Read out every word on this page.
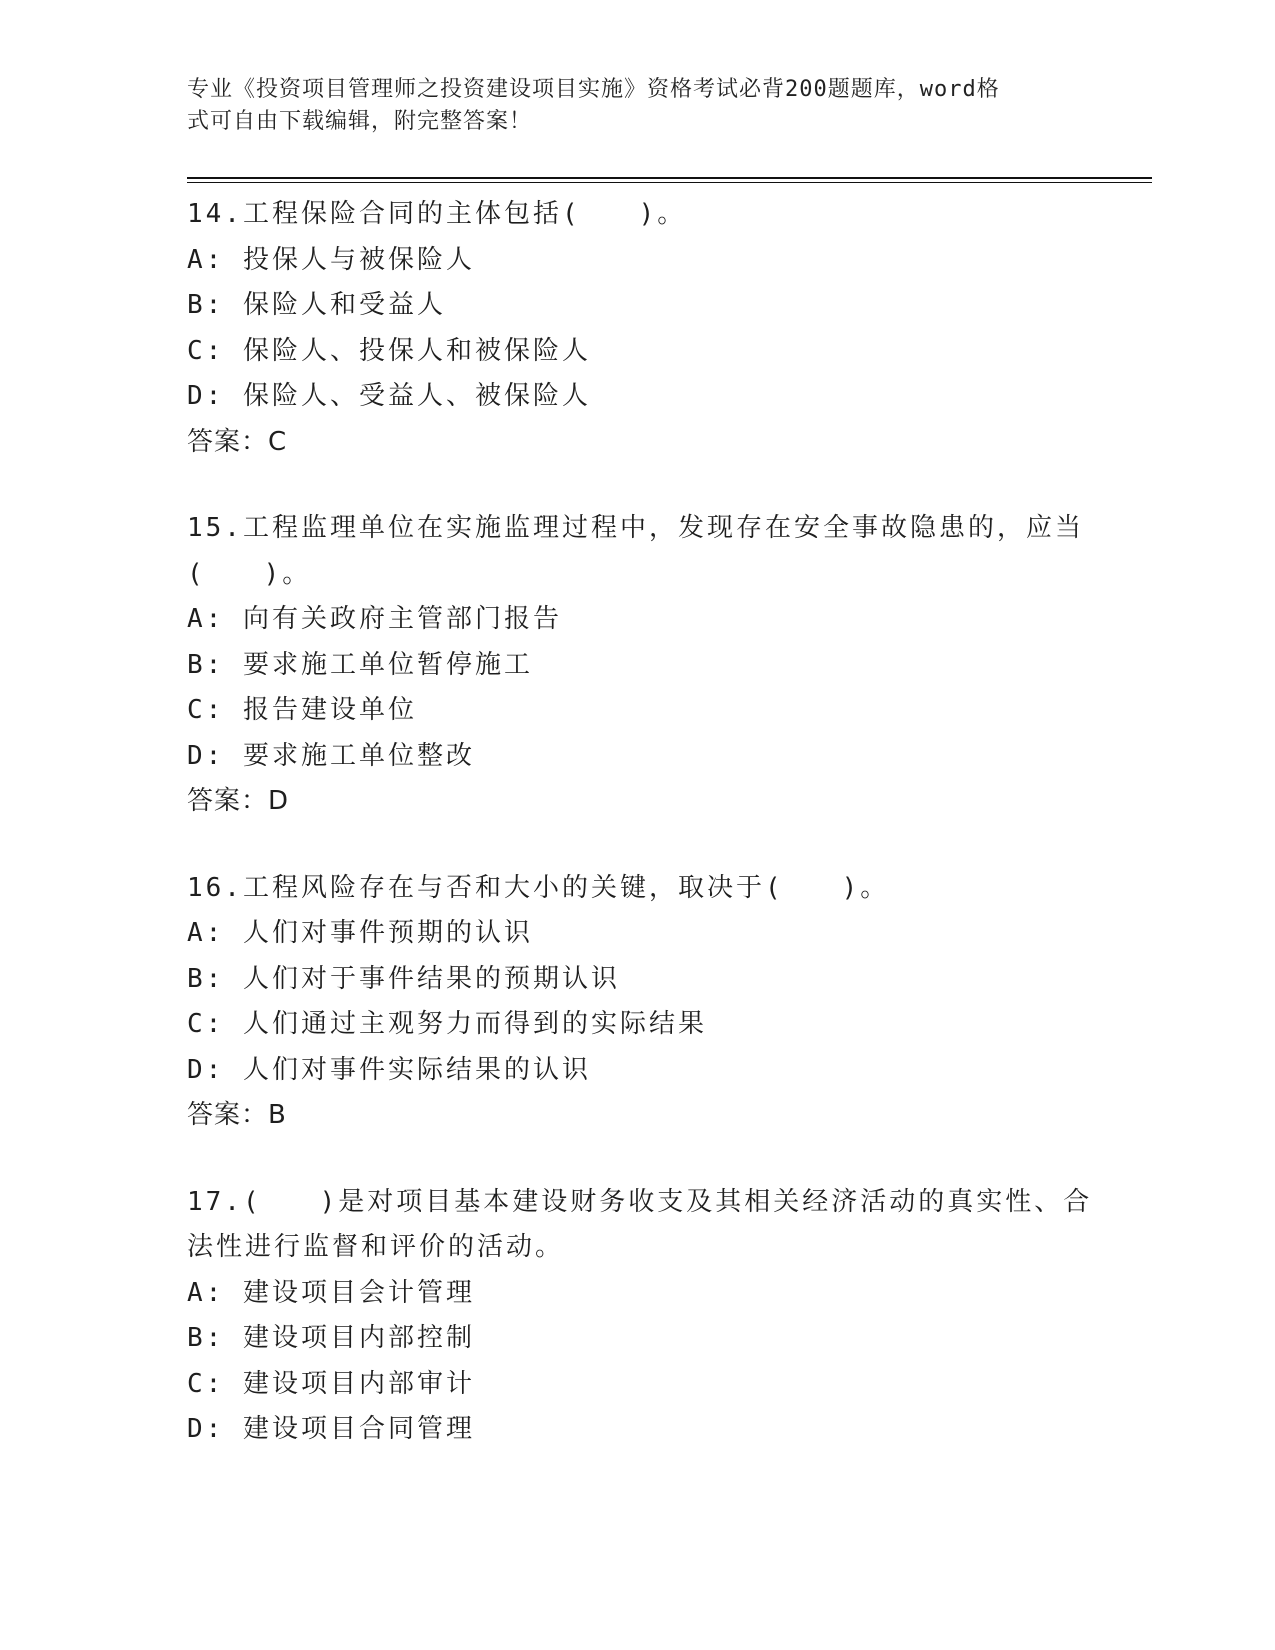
专业《投资项目管理师之投资建设项目实施》资格考试必背200题题库，word格
式可自由下载编辑，附完整答案！
14.工程保险合同的主体包括(　　)。
A: 投保人与被保险人
B: 保险人和受益人
C: 保险人、投保人和被保险人
D: 保险人、受益人、被保险人
答案：C
15.工程监理单位在实施监理过程中，发现存在安全事故隐患的，应当
(　　)。
A: 向有关政府主管部门报告
B: 要求施工单位暂停施工
C: 报告建设单位
D: 要求施工单位整改
答案：D
16.工程风险存在与否和大小的关键，取决于(　　)。
A: 人们对事件预期的认识
B: 人们对于事件结果的预期认识
C: 人们通过主观努力而得到的实际结果
D: 人们对事件实际结果的认识
答案：B
17.(　　)是对项目基本建设财务收支及其相关经济活动的真实性、合
法性进行监督和评价的活动。
A: 建设项目会计管理
B: 建设项目内部控制
C: 建设项目内部审计
D: 建设项目合同管理
